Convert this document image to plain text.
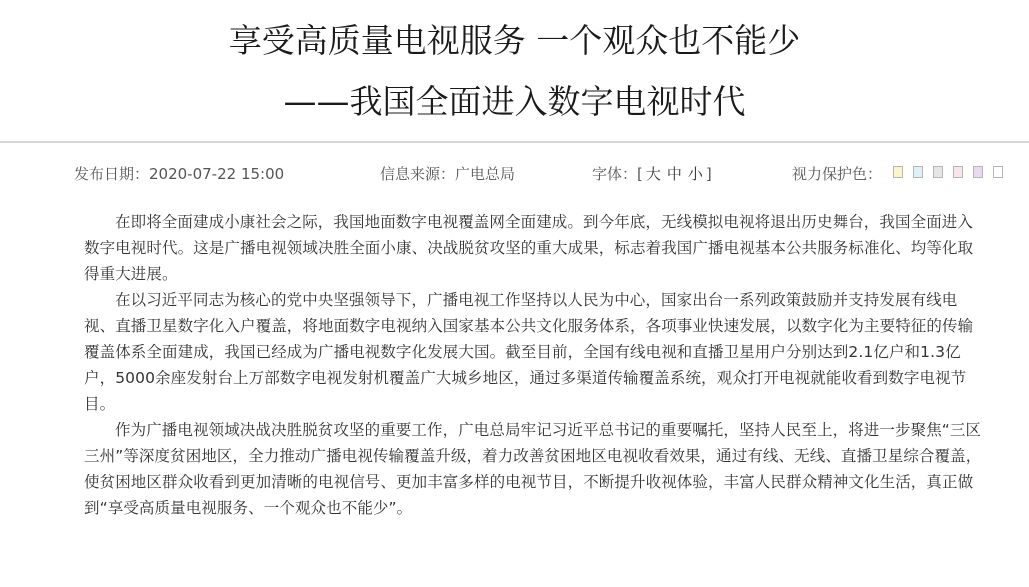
享受高质量电视服务 一个观众也不能少
——我国全面进入数字电视时代
发布日期：2020-07-22 15:00	信息来源：广电总局	字体：[ 大 中 小 ]	视力保护色：

在即将全面建成小康社会之际，我国地面数字电视覆盖网全面建成。到今年底，无线模拟电视将退出历史舞台，我国全面进入数字电视时代。这是广播电视领域决胜全面小康、决战脱贫攻坚的重大成果，标志着我国广播电视基本公共服务标准化、均等化取得重大进展。

在以习近平同志为核心的党中央坚强领导下，广播电视工作坚持以人民为中心，国家出台一系列政策鼓励并支持发展有线电视、直播卫星数字化入户覆盖，将地面数字电视纳入国家基本公共文化服务体系，各项事业快速发展，以数字化为主要特征的传输覆盖体系全面建成，我国已经成为广播电视数字化发展大国。截至目前，全国有线电视和直播卫星用户分别达到2.1亿户和1.3亿户，5000余座发射台上万部数字电视发射机覆盖广大城乡地区，通过多渠道传输覆盖系统，观众打开电视就能收看到数字电视节目。

作为广播电视领域决战决胜脱贫攻坚的重要工作，广电总局牢记习近平总书记的重要嘱托，坚持人民至上，将进一步聚焦“三区三州”等深度贫困地区，全力推动广播电视传输覆盖升级，着力改善贫困地区电视收看效果，通过有线、无线、直播卫星综合覆盖，使贫困地区群众收看到更加清晰的电视信号、更加丰富多样的电视节目，不断提升收视体验，丰富人民群众精神文化生活，真正做到“享受高质量电视服务、一个观众也不能少”。
